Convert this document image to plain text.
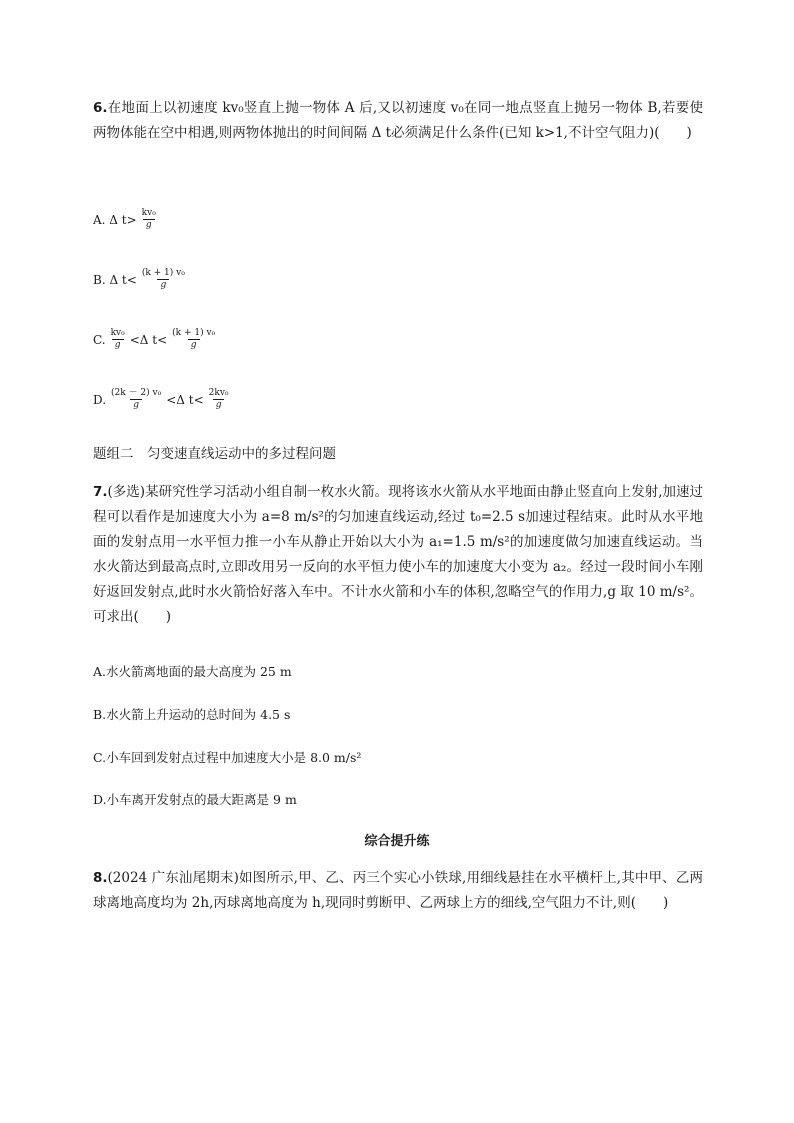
6.在地面上以初速度 kv₀竖直上抛一物体 A 后,又以初速度 v₀在同一地点竖直上抛另一物体 B,若要使两物体能在空中相遇,则两物体抛出的时间间隔 Δ t必须满足什么条件(已知 k>1,不计空气阻力)(　　)

A. Δ $t> \frac{\text{kv₀}}{g}$
B. Δ $t< \frac{\text{(k + 1) v₀}}{g}$
C. $\frac{\text{kv₀}}{g} <\Delta$ $t< \frac{\text{(k + 1) v₀}}{g}$
D. $\frac{\text{(2k － 2) v₀}}{g} <\Delta$ $t< \frac{\text{2kv₀}}{g}$
题组二　匀变速直线运动中的多过程问题

7.(多选)某研究性学习活动小组自制一枚水火箭。现将该水火箭从水平地面由静止竖直向上发射,加速过程可以看作是加速度大小为 a=8 m/s²的匀加速直线运动,经过 t₀=2.5 s加速过程结束。此时从水平地面的发射点用一水平恒力推一小车从静止开始以大小为 a₁=1.5 m/s²的加速度做匀加速直线运动。当水火箭达到最高点时,立即改用另一反向的水平恒力使小车的加速度大小变为 a₂。经过一段时间小车刚好返回发射点,此时水火箭恰好落入车中。不计水火箭和小车的体积,忽略空气的作用力,g 取 10 m/s²。可求出(　　)

A.水火箭离地面的最大高度为 25 m
B.水火箭上升运动的总时间为 4.5 s
C.小车回到发射点过程中加速度大小是 8.0 m/s²
D.小车离开发射点的最大距离是 9 m
综合提升练

8.(2024 广东汕尾期末)如图所示,甲、乙、丙三个实心小铁球,用细线悬挂在水平横杆上,其中甲、乙两球离地高度均为 2h,丙球离地高度为 h,现同时剪断甲、乙两球上方的细线,空气阻力不计,则(　　)
